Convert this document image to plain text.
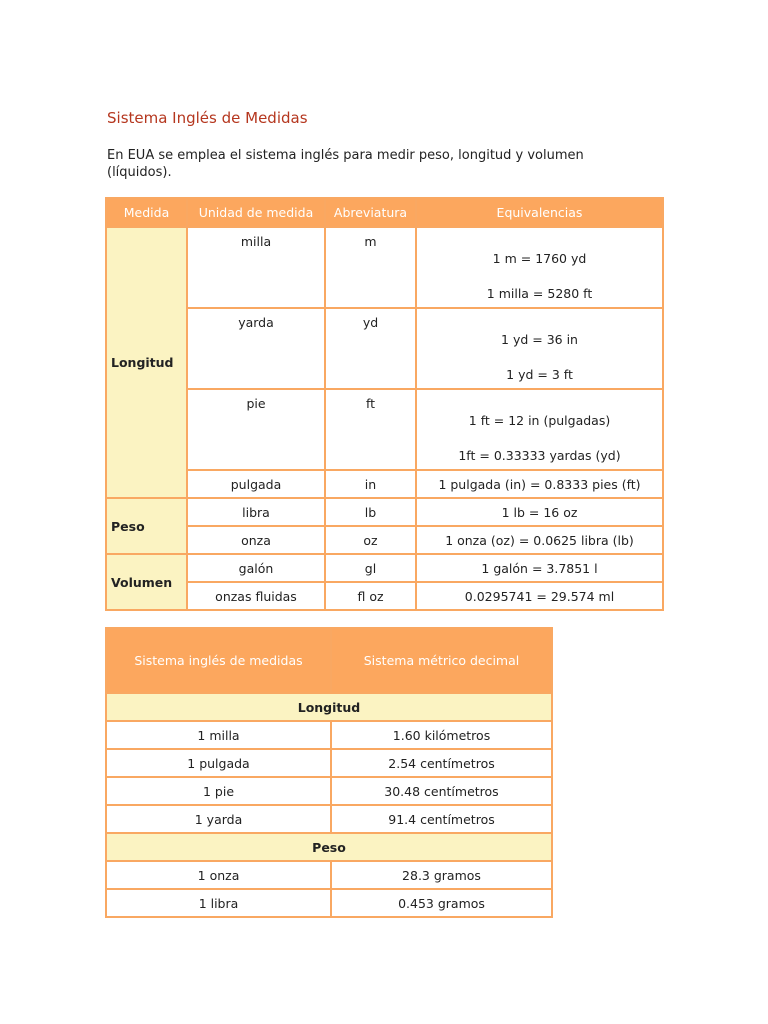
Sistema Inglés de Medidas

En EUA se emplea el sistema inglés para medir peso, longitud y volumen (líquidos).

Medida	Unidad de medida	Abreviatura	Equivalencias
Longitud	milla	m	1 m = 1760 yd
1 milla = 5280 ft

	yarda	yd	1 yd = 36 in
1 yd = 3 ft

	pie	ft	1 ft = 12 in (pulgadas)
1ft = 0.33333 yardas (yd)

	pulgada	in	1 pulgada (in) = 0.8333 pies (ft)
Peso	libra	lb	1 lb = 16 oz
	onza	oz	1 onza (oz) = 0.0625 libra (lb)
Volumen	galón	gl	1 galón = 3.7851 l
	onzas fluidas	fl oz	0.0295741 = 29.574 ml
Sistema inglés de medidas	Sistema métrico decimal
Longitud	
1 milla	1.60 kilómetros
1 pulgada	2.54 centímetros
1 pie	30.48 centímetros
1 yarda	91.4 centímetros
Peso	
1 onza	28.3 gramos
1 libra	0.453 gramos
